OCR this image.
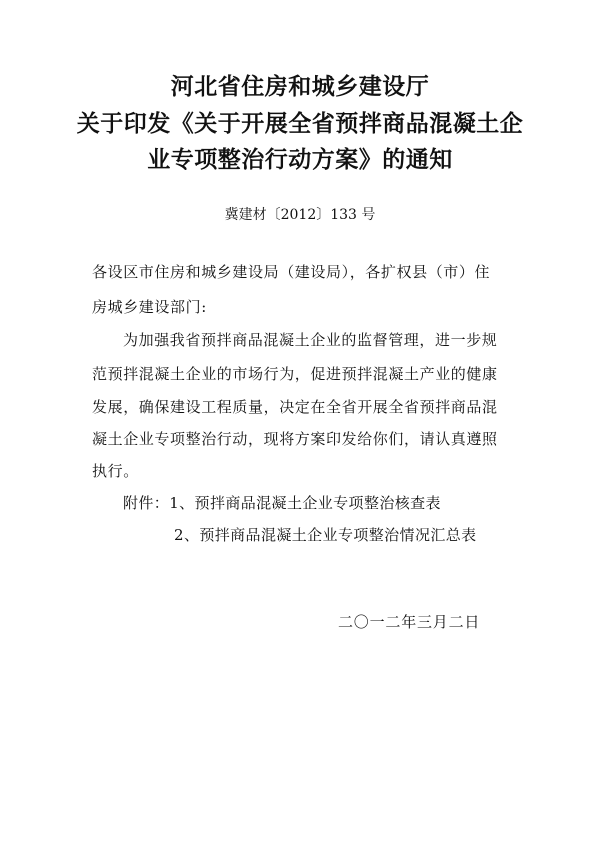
河北省住房和城乡建设厅
关于印发《关于开展全省预拌商品混凝土企
业专项整治行动方案》的通知
冀建材〔2012〕133 号

各设区市住房和城乡建设局（建设局），各扩权县（市）住

房城乡建设部门:

为加强我省预拌商品混凝土企业的监督管理，进一步规

范预拌混凝土企业的市场行为，促进预拌混凝土产业的健康

发展，确保建设工程质量，决定在全省开展全省预拌商品混

凝土企业专项整治行动，现将方案印发给你们，请认真遵照

执行。

附件：1、预拌商品混凝土企业专项整治核查表

2、预拌商品混凝土企业专项整治情况汇总表

二〇一二年三月二日
